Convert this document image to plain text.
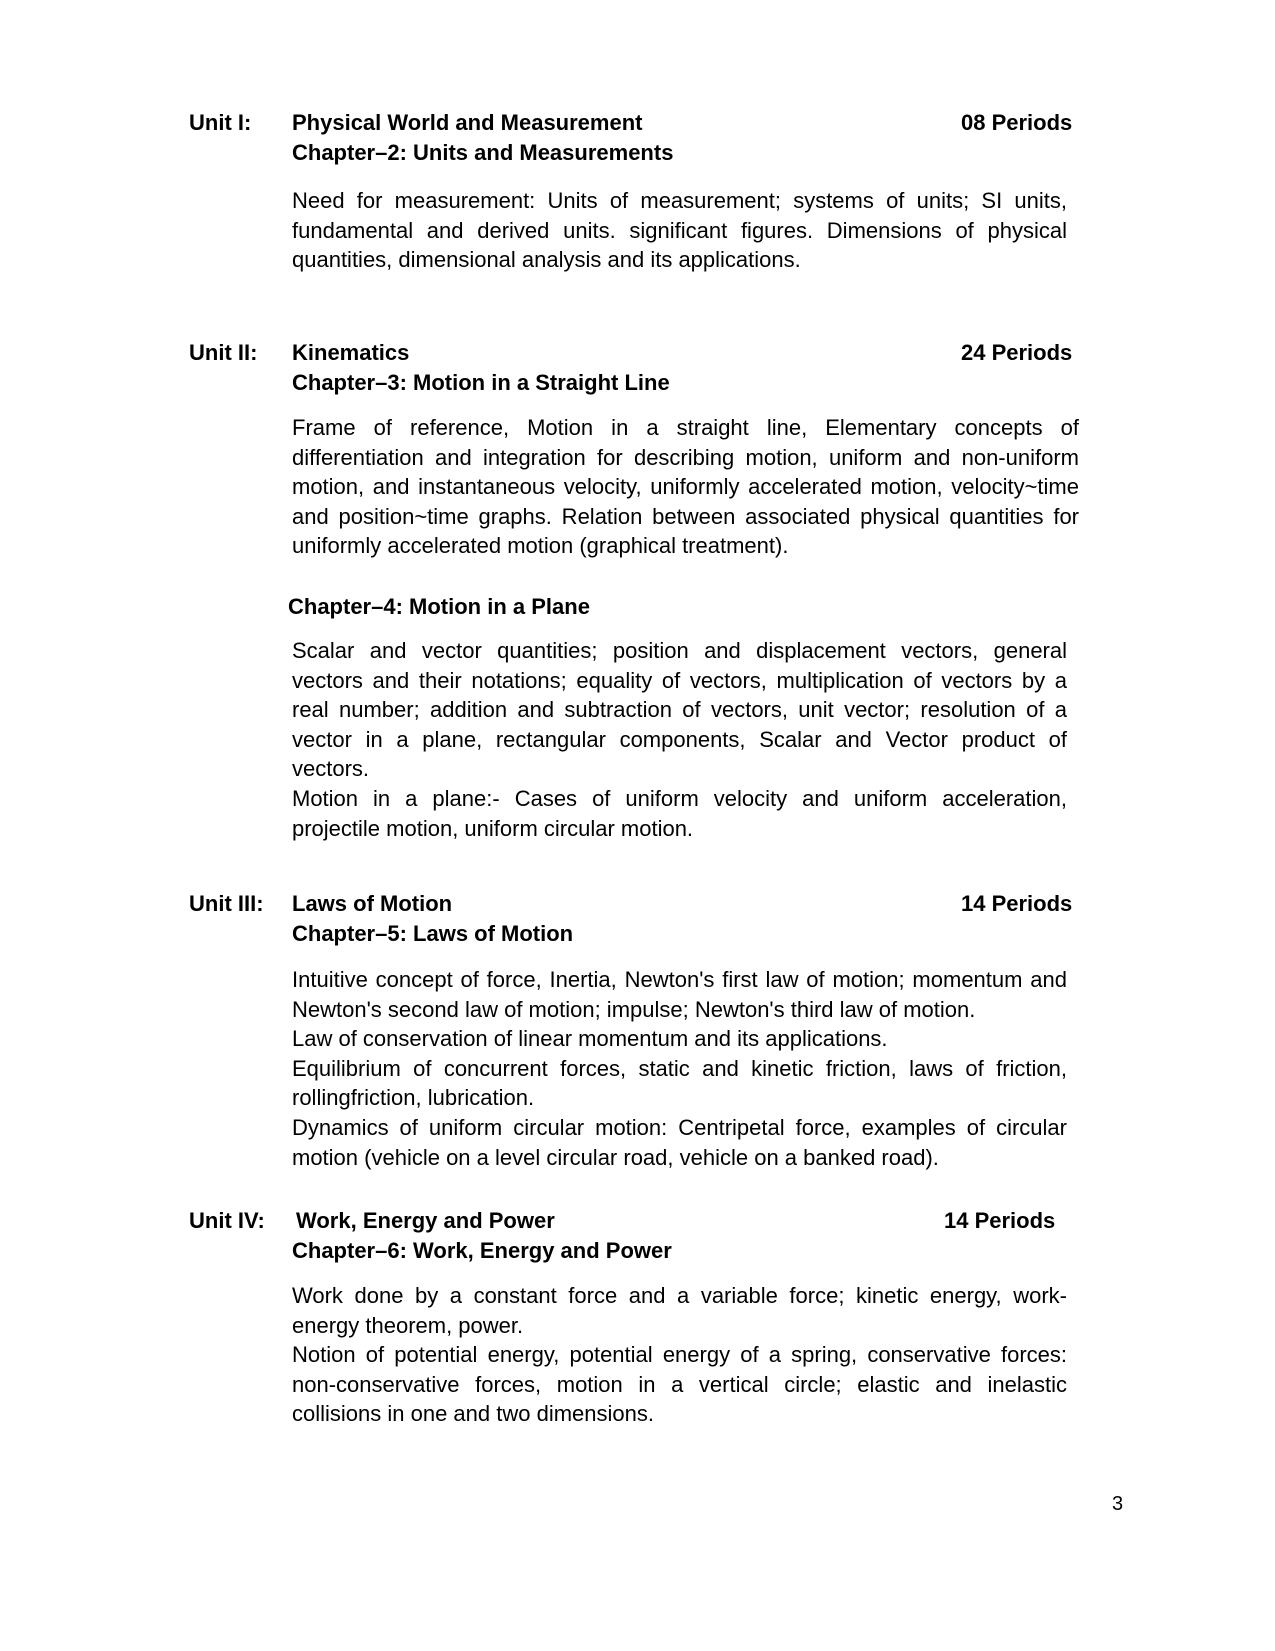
Unit I: Physical World and Measurement	08 Periods
Chapter–2: Units and Measurements
Need for measurement: Units of measurement; systems of units; SI units, fundamental and derived units. significant figures. Dimensions of physical quantities, dimensional analysis and its applications.
Unit II: Kinematics	24 Periods
Chapter–3: Motion in a Straight Line
Frame of reference, Motion in a straight line, Elementary concepts of differentiation and integration for describing motion, uniform and non-uniform motion, and instantaneous velocity, uniformly accelerated motion, velocity~time and position~time graphs. Relation between associated physical quantities for uniformly accelerated motion (graphical treatment).
Chapter–4: Motion in a Plane
Scalar and vector quantities; position and displacement vectors, general vectors and their notations; equality of vectors, multiplication of vectors by a real number; addition and subtraction of vectors, unit vector; resolution of a vector in a plane, rectangular components, Scalar and Vector product of vectors.
Motion in a plane:- Cases of uniform velocity and uniform acceleration, projectile motion, uniform circular motion.
Unit III: Laws of Motion	14 Periods
Chapter–5: Laws of Motion
Intuitive concept of force, Inertia, Newton's first law of motion; momentum and Newton's second law of motion; impulse; Newton's third law of motion.
Law of conservation of linear momentum and its applications.
Equilibrium of concurrent forces, static and kinetic friction, laws of friction, rollingfriction, lubrication.
Dynamics of uniform circular motion: Centripetal force, examples of circular motion (vehicle on a level circular road, vehicle on a banked road).
Unit IV: Work, Energy and Power	14 Periods
Chapter–6: Work, Energy and Power
Work done by a constant force and a variable force; kinetic energy, work-energy theorem, power.
Notion of potential energy, potential energy of a spring, conservative forces: non-conservative forces, motion in a vertical circle; elastic and inelastic collisions in one and two dimensions.
3
